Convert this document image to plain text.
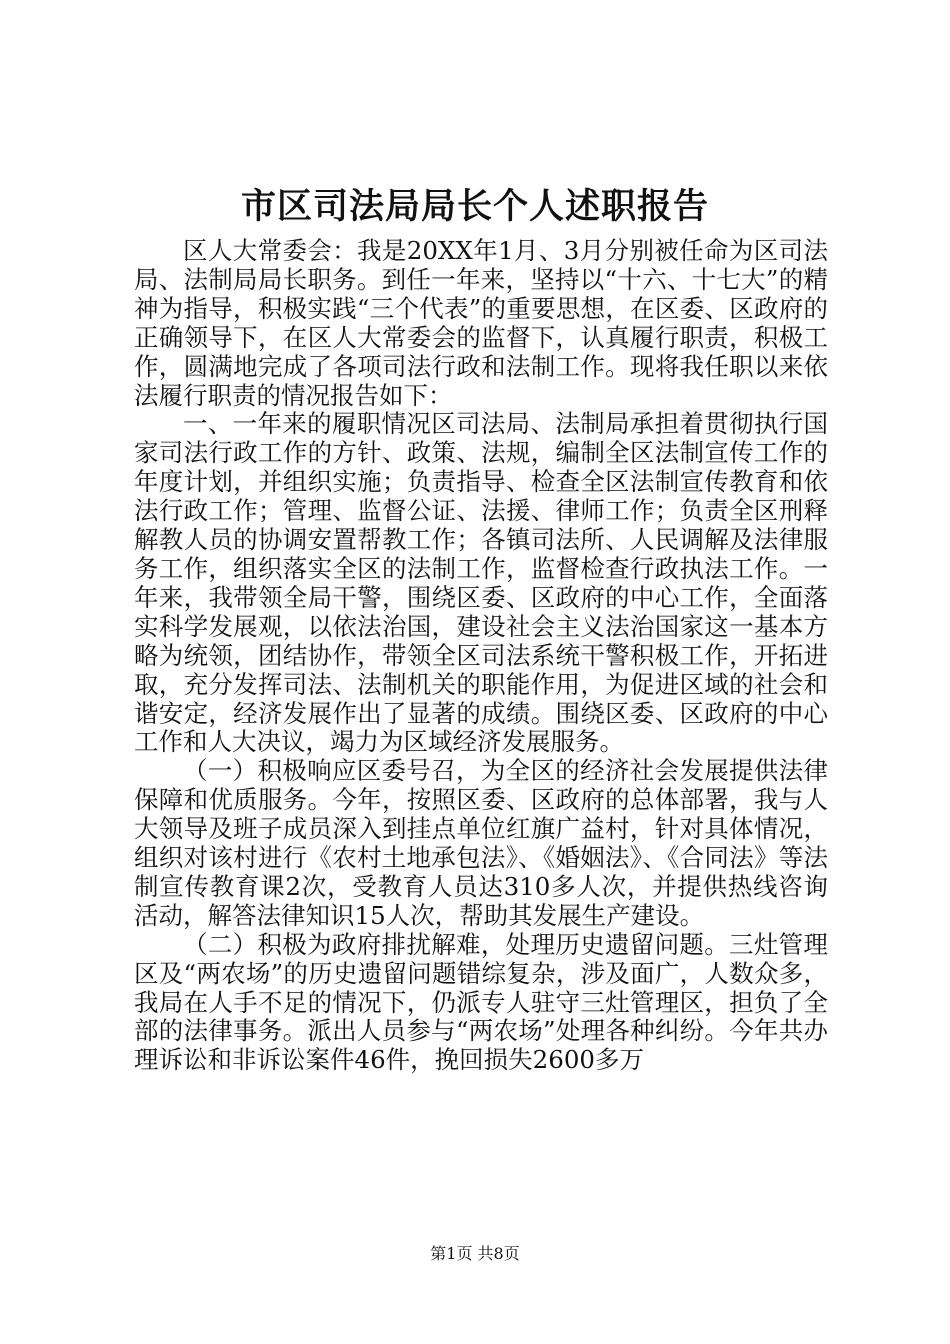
市区司法局局长个人述职报告

区人大常委会：我是20XX年1月、3月分别被任命为区司法局、法制局局长职务。到任一年来，坚持以“十六、十七大”的精神为指导，积极实践“三个代表”的重要思想，在区委、区政府的正确领导下，在区人大常委会的监督下，认真履行职责，积极工作，圆满地完成了各项司法行政和法制工作。现将我任职以来依法履行职责的情况报告如下：

一、一年来的履职情况区司法局、法制局承担着贯彻执行国家司法行政工作的方针、政策、法规，编制全区法制宣传工作的年度计划，并组织实施；负责指导、检查全区法制宣传教育和依法行政工作；管理、监督公证、法援、律师工作；负责全区刑释解教人员的协调安置帮教工作；各镇司法所、人民调解及法律服务工作，组织落实全区的法制工作，监督检查行政执法工作。一年来，我带领全局干警，围绕区委、区政府的中心工作，全面落实科学发展观，以依法治国，建设社会主义法治国家这一基本方略为统领，团结协作，带领全区司法系统干警积极工作，开拓进取，充分发挥司法、法制机关的职能作用，为促进区域的社会和谐安定，经济发展作出了显著的成绩。围绕区委、区政府的中心工作和人大决议，竭力为区域经济发展服务。

（一）积极响应区委号召，为全区的经济社会发展提供法律保障和优质服务。今年，按照区委、区政府的总体部署，我与人大领导及班子成员深入到挂点单位红旗广益村，针对具体情况，组织对该村进行《农村土地承包法》、《婚姻法》、《合同法》等法制宣传教育课2次，受教育人员达310多人次，并提供热线咨询活动，解答法律知识15人次，帮助其发展生产建设。

（二）积极为政府排扰解难，处理历史遗留问题。三灶管理区及“两农场”的历史遗留问题错综复杂，涉及面广，人数众多，我局在人手不足的情况下，仍派专人驻守三灶管理区，担负了全部的法律事务。派出人员参与“两农场”处理各种纠纷。今年共办理诉讼和非诉讼案件46件，挽回损失2600多万

第1页 共8页
